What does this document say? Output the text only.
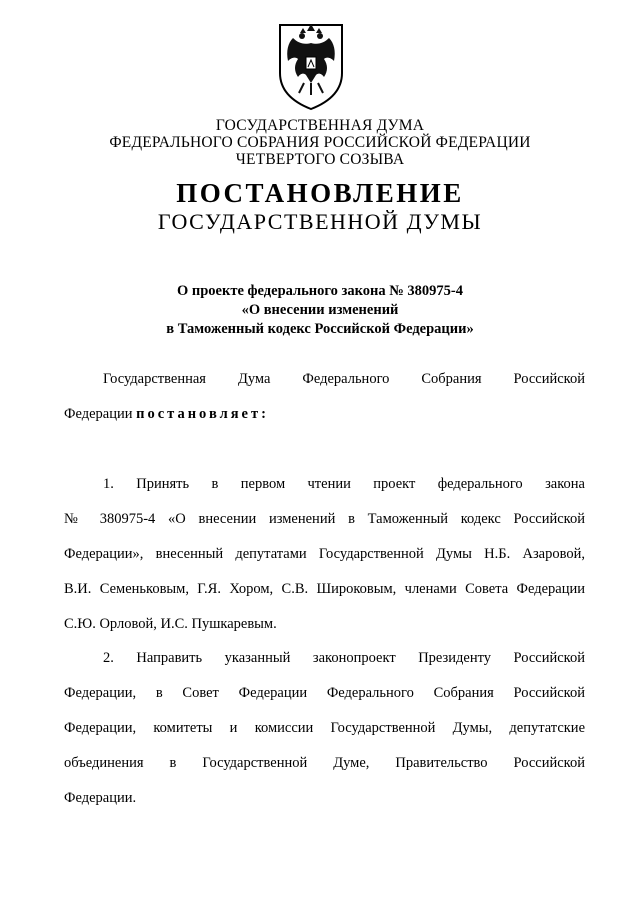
ГОСУДАРСТВЕННАЯ ДУМА
ФЕДЕРАЛЬНОГО СОБРАНИЯ РОССИЙСКОЙ ФЕДЕРАЦИИ
ЧЕТВЕРТОГО СОЗЫВА
ПОСТАНОВЛЕНИЕ
ГОСУДАРСТВЕННОЙ ДУМЫ
О проекте федерального закона № 380975-4
«О внесении изменений
в Таможенный кодекс Российской Федерации»
Государственная Дума Федерального Собрания Российской
Федерации постановляет:
1. Принять в первом чтении проект федерального закона
№ 380975-4 «О внесении изменений в Таможенный кодекс Российской
Федерации», внесенный депутатами Государственной Думы Н.Б. Азаровой,
В.И. Семеньковым, Г.Я. Хором, С.В. Широковым, членами Совета Федерации
С.Ю. Орловой, И.С. Пушкаревым.
2. Направить указанный законопроект Президенту Российской
Федерации, в Совет Федерации Федерального Собрания Российской
Федерации, комитеты и комиссии Государственной Думы, депутатские
объединения в Государственной Думе, Правительство Российской
Федерации.
